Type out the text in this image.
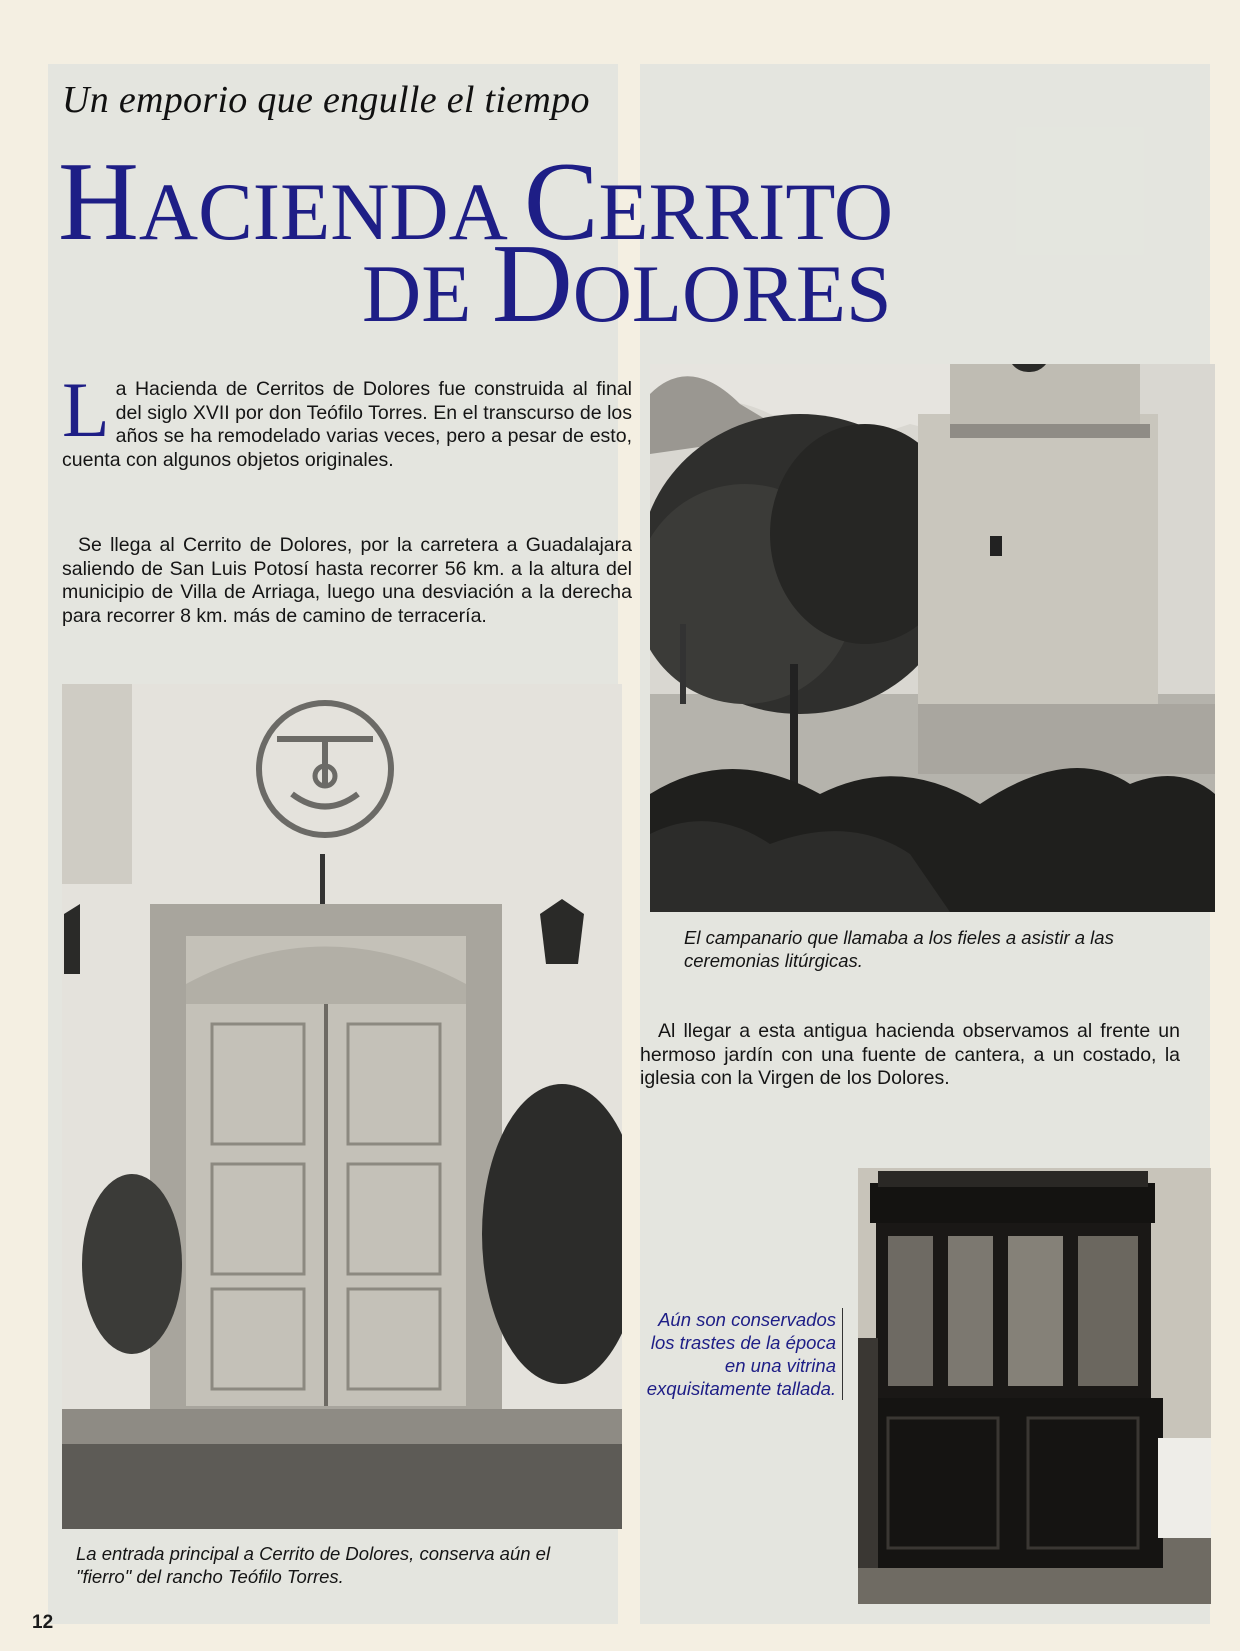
Un emporio que engulle el tiempo
HACIENDA CERRITO
DE DOLORES
La Hacienda de Cerritos de Dolores fue construida al final del siglo XVII por don Teófilo Torres. En el transcurso de los años se ha remodelado varias veces, pero a pesar de esto, cuenta con algunos objetos originales.
Se llega al Cerrito de Dolores, por la carretera a Guadalajara saliendo de San Luis Potosí hasta recorrer 56 km. a la altura del municipio de Villa de Arriaga, luego una desviación a la derecha para recorrer 8 km. más de camino de terracería.
El campanario que llamaba a los fieles a asistir a las ceremonias litúrgicas.
Al llegar a esta antigua hacienda observamos al frente un hermoso jardín con una fuente de cantera, a un costado, la iglesia con la Virgen de los Dolores.
La entrada principal a Cerrito de Dolores, conserva aún el "fierro" del rancho Teófilo Torres.
Aún son conservados los trastes de la época en una vitrina exquisitamente tallada.
12
